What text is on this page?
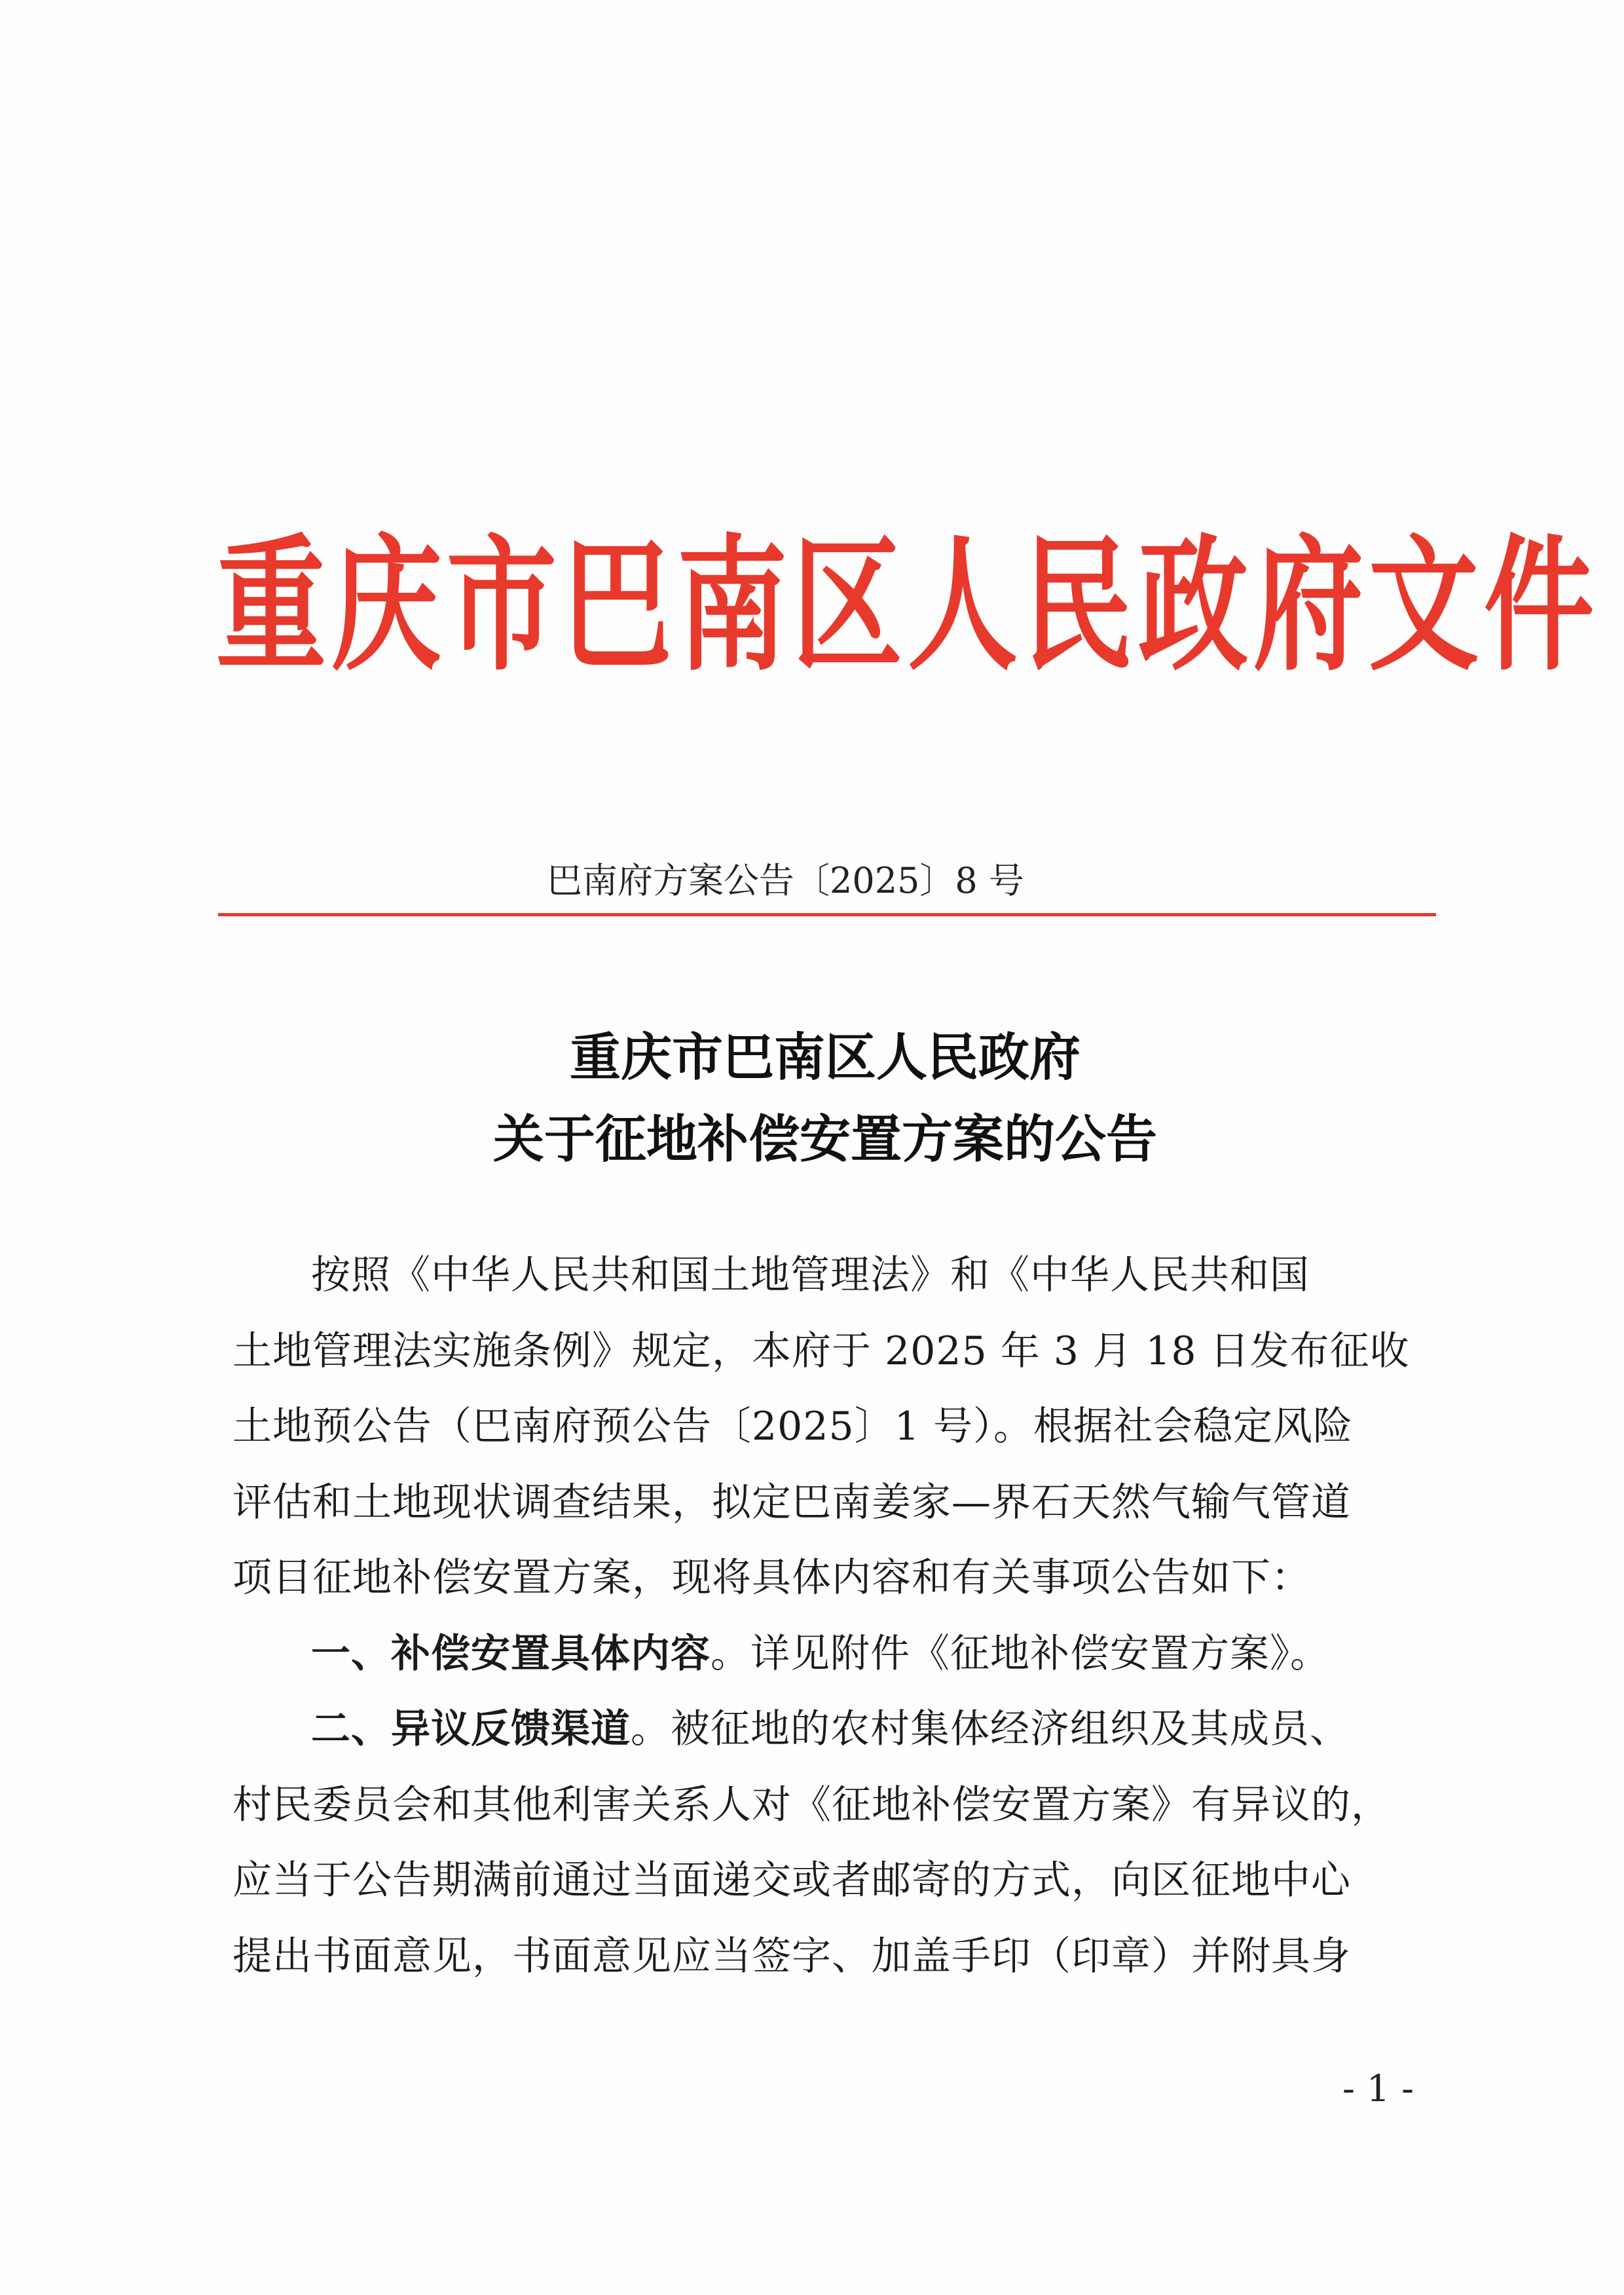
重庆市巴南区人民政府文件
巴南府方案公告〔2025〕8 号
重庆市巴南区人民政府
关于征地补偿安置方案的公告
按照《中华人民共和国土地管理法》和《中华人民共和国
土地管理法实施条例》规定，本府于 2025 年 3 月 18 日发布征收
土地预公告（巴南府预公告〔2025〕1 号）。根据社会稳定风险
评估和土地现状调查结果，拟定巴南姜家—界石天然气输气管道
项目征地补偿安置方案，现将具体内容和有关事项公告如下：
一、补偿安置具体内容。详见附件《征地补偿安置方案》。
二、异议反馈渠道。被征地的农村集体经济组织及其成员、
村民委员会和其他利害关系人对《征地补偿安置方案》有异议的，
应当于公告期满前通过当面递交或者邮寄的方式，向区征地中心
提出书面意见，书面意见应当签字、加盖手印（印章）并附具身
- 1 -
